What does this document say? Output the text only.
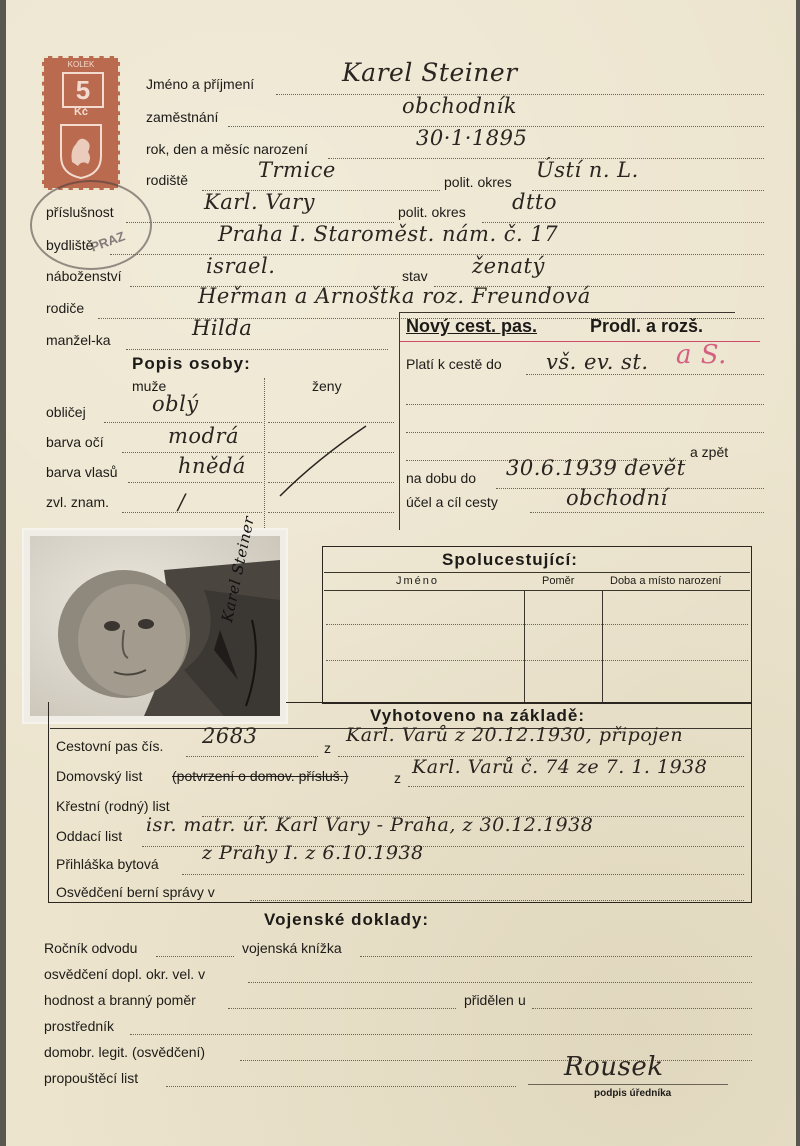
KOLEK
5
Kč
PRAZ
Jméno a příjmení	Karel Steiner
zaměstnání	obchodník
rok, den a měsíc narození	30·1·1895
rodiště	Trmice	polit. okres Ústí n. L.
příslušnost	Karl. Vary	polit. okres dtto
bydliště	Praha I. Staroměst. nám. č. 17
náboženství	israel.	stav ženatý
rodiče	Heřman a Arnoštka roz. Freundová
manžel-ka	Hilda	Nový cest. pas.	Prodl. a rozš.
Platí k cestě do vš. ev. st. a S.
a zpět
na dobu do 30.6.1939 devět
účel a cíl cesty	obchodní
Popis osoby:
muže	ženy
obličej	oblý
barva očí	modrá
barva vlasů	hnědá
zvl. znam.	/
Karel Steiner	Spolucestující:
Jméno	Poměr	Doba a místo narození
Vyhotoveno na základě:
Cestovní pas čís. 2683	z
Karl. Varů z 20.12.1930, připojen
Domovský list (potvrzení o domov. přísluš.)	z Karl. Varů č. 74 ze 7. 1. 1938
Křestní (rodný) list
Oddací list isr. matr. úř. Karl Vary - Praha, z 30.12.1938
Přihláška bytová z Prahy I. z 6.10.1938
Osvědčení berní správy v
Vojenské doklady:
Ročník odvodu	vojenská knížka
osvědčení dopl. okr. vel. v
hodnost a branný poměr	přidělen u
prostředník
domobr. legit. (osvědčení)
propouštěcí list	Rousek
podpis úředníka
